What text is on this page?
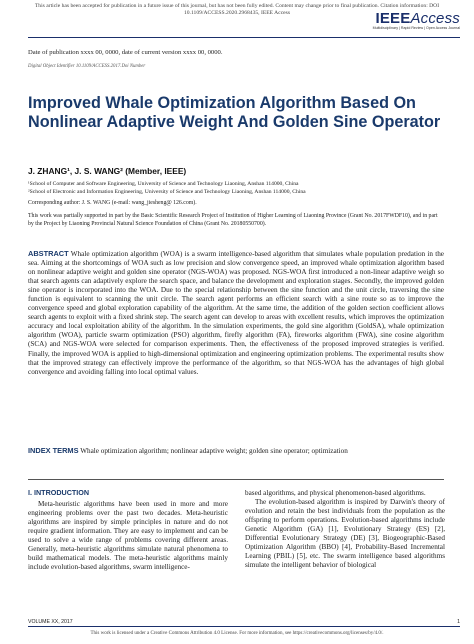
This article has been accepted for publication in a future issue of this journal, but has not been fully edited. Content may change prior to final publication. Citation information: DOI
10.1109/ACCESS.2020.2968435, IEEE Access	IEEEAccess
Multidisciplinary | Rapid Review | Open Access Journal
Date of publication xxxx 00, 0000, date of current version xxxx 00, 0000.
Digital Object Identifier 10.1109/ACCESS.2017.Doi Number
Improved Whale Optimization Algorithm Based On Nonlinear Adaptive Weight And Golden Sine Operator
J. ZHANG¹, J. S. WANG² (Member, IEEE)
¹School of Computer and Software Engineering, University of Science and Technology Liaoning, Anshan 114000, China
²School of Electronic and Information Engineering, University of Science and Technology Liaoning, Anshan 114000, China
Corresponding author: J. S. WANG (e-mail: wang_jiesheng@ 126.com).
This work was partially supported in part by the Basic Scientific Research Project of Institution of Higher Learning of Liaoning Province (Grant No. 2017FWDF10), and in part by the Project by Liaoning Provincial Natural Science Foundation of China (Grant No. 20180550700).
ABSTRACT Whale optimization algorithm (WOA) is a swarm intelligence-based algorithm that simulates whale population predation in the sea. Aiming at the shortcomings of WOA such as low precision and slow convergence speed, an improved whale optimization algorithm based on nonlinear adaptive weight and golden sine operator (NGS-WOA) was proposed. NGS-WOA first introduced a non-linear adaptive weigh so that search agents can adaptively explore the search space, and balance the development and exploration stages. Secondly, the improved golden sine operator is incorporated into the WOA. Due to the special relationship between the sine function and the unit circle, traversing the sine function is equivalent to scanning the unit circle. The search agent performs an efficient search with a sine route so as to improve the convergence speed and global exploration capability of the algorithm. At the same time, the addition of the golden section coefficient allows search agents to exploit with a fixed shrink step. The search agent can develop to areas with excellent results, which improves the optimization accuracy and local exploitation ability of the algorithm. In the simulation experiments, the gold sine algorithm (GoldSA), whale optimization algorithm (WOA), particle swarm optimization (PSO) algorithm, firefly algorithm (FA), fireworks algorithm (FWA), sine cosine algorithm (SCA) and NGS-WOA were selected for comparison experiments. Then, the effectiveness of the proposed improved strategies is verified. Finally, the improved WOA is applied to high-dimensional optimization and engineering optimization problems. The experimental results show that the improved strategy can effectively improve the performance of the algorithm, so that NGS-WOA has the advantages of high global convergence and avoiding falling into local optimal values.
INDEX TERMS Whale optimization algorithm; nonlinear adaptive weight; golden sine operator; optimization
I. INTRODUCTION

Meta-heuristic algorithms have been used in more and more engineering problems over the past two decades. Meta-heuristic algorithms are inspired by simple principles in nature and do not require gradient information. They are easy to implement and can be used to solve a wide range of problems covering different areas. Generally, meta-heuristic algorithms simulate natural phenomena to build mathematical models. The meta-heuristic algorithms mainly include evolution-based algorithms, swarm intelligence-

based algorithms, and physical phenomenon-based algorithms.

The evolution-based algorithm is inspired by Darwin's theory of evolution and retain the best individuals from the population as the offspring to perform operations. Evolution-based algorithms include Genetic Algorithm (GA) [1], Evolutionary Strategy (ES) [2], Differential Evolutionary Strategy (DE) [3], Biogeographic-Based Optimization Algorithm (BBO) [4], Probability-Based Incremental Learning (PBIL) [5], etc. The swarm intelligence based algorithms simulate the intelligent behavior of biological

VOLUME XX, 2017	1
This work is licensed under a Creative Commons Attribution 4.0 License. For more information, see https://creativecommons.org/licenses/by/4.0/.
